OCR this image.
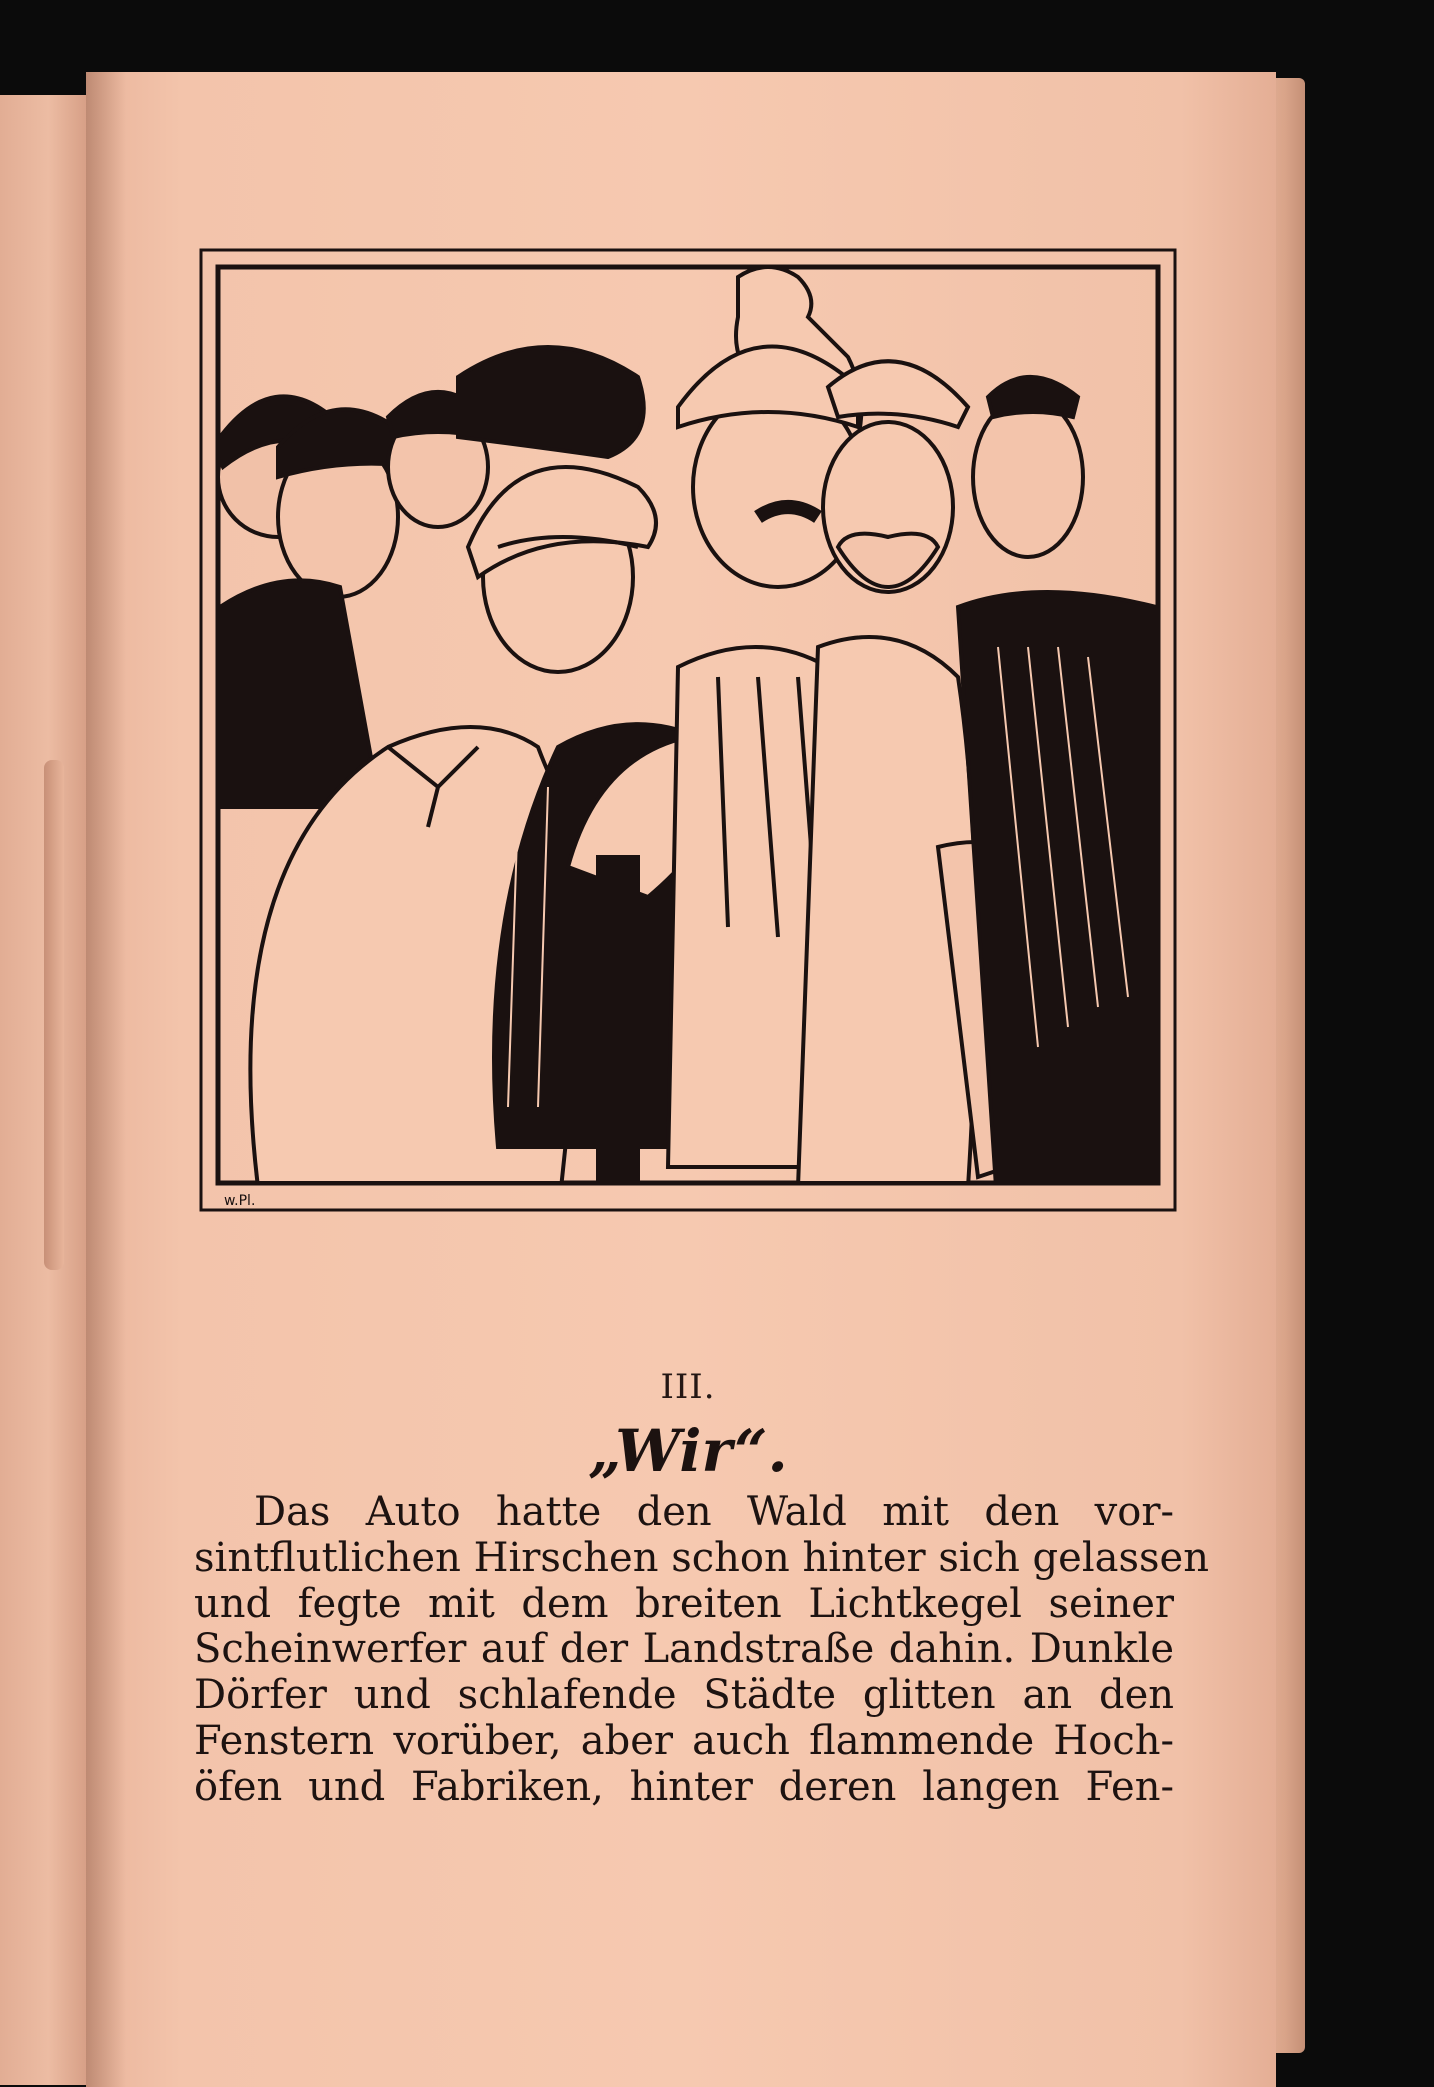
w.Pl.
III.
„Wir“.
Das Auto hatte den Wald mit den vor-
sintflutlichen Hirschen schon hinter sich gelassen
und fegte mit dem breiten Lichtkegel seiner
Scheinwerfer auf der Landstraße dahin. Dunkle
Dörfer und schlafende Städte glitten an den
Fenstern vorüber, aber auch flammende Hoch-
öfen und Fabriken, hinter deren langen Fen-
